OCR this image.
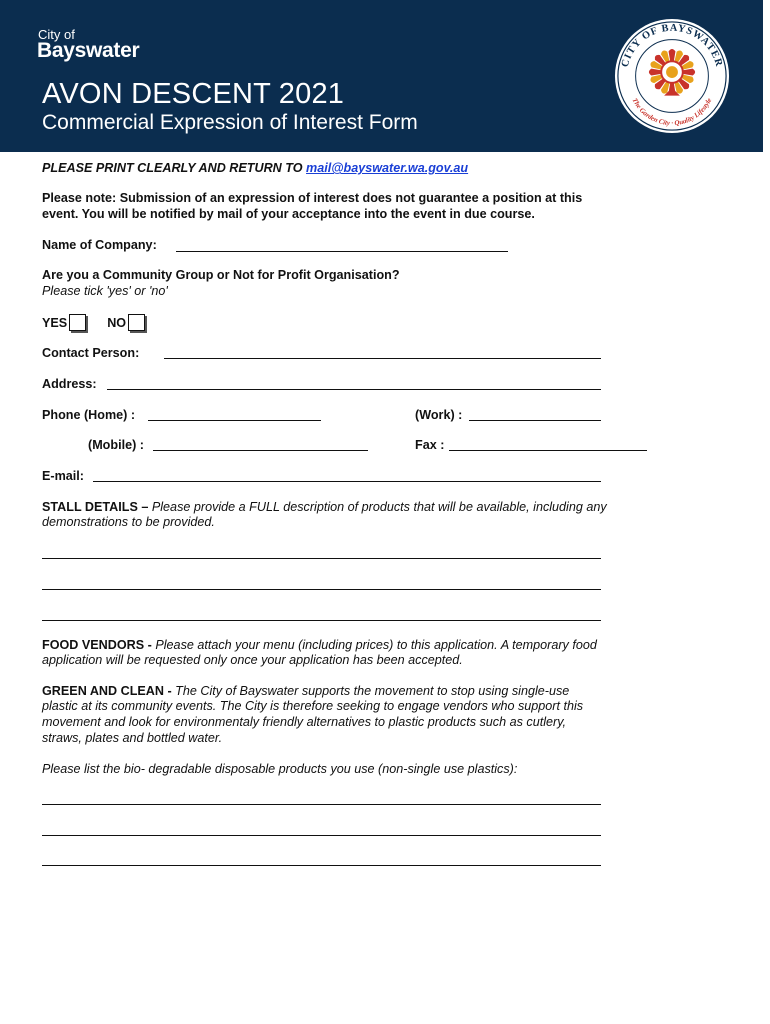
City of
Bayswater
AVON DESCENT 2021
Commercial Expression of Interest Form
CITY OF BAYSWATER
The Garden City · Quality Lifestyle
PLEASE PRINT CLEARLY AND RETURN TO mail@bayswater.wa.gov.au
Please note: Submission of an expression of interest does not guarantee a position at this
event. You will be notified by mail of your acceptance into the event in due course.
Name of Company:
Are you a Community Group or Not for Profit Organisation?
Please tick 'yes' or 'no'
YES	NO
Contact Person:
Address:
Phone (Home) :	(Work) :
(Mobile) :	Fax :
E-mail:
STALL DETAILS – Please provide a FULL description of products that will be available, including any
demonstrations to be provided.
FOOD VENDORS - Please attach your menu (including prices) to this application. A temporary food
application will be requested only once your application has been accepted.
GREEN AND CLEAN - The City of Bayswater supports the movement to stop using single-use
plastic at its community events. The City is therefore seeking to engage vendors who support this
movement and look for environmentaly friendly alternatives to plastic products such as cutlery,
straws, plates and bottled water.
Please list the bio- degradable disposable products you use (non-single use plastics):
